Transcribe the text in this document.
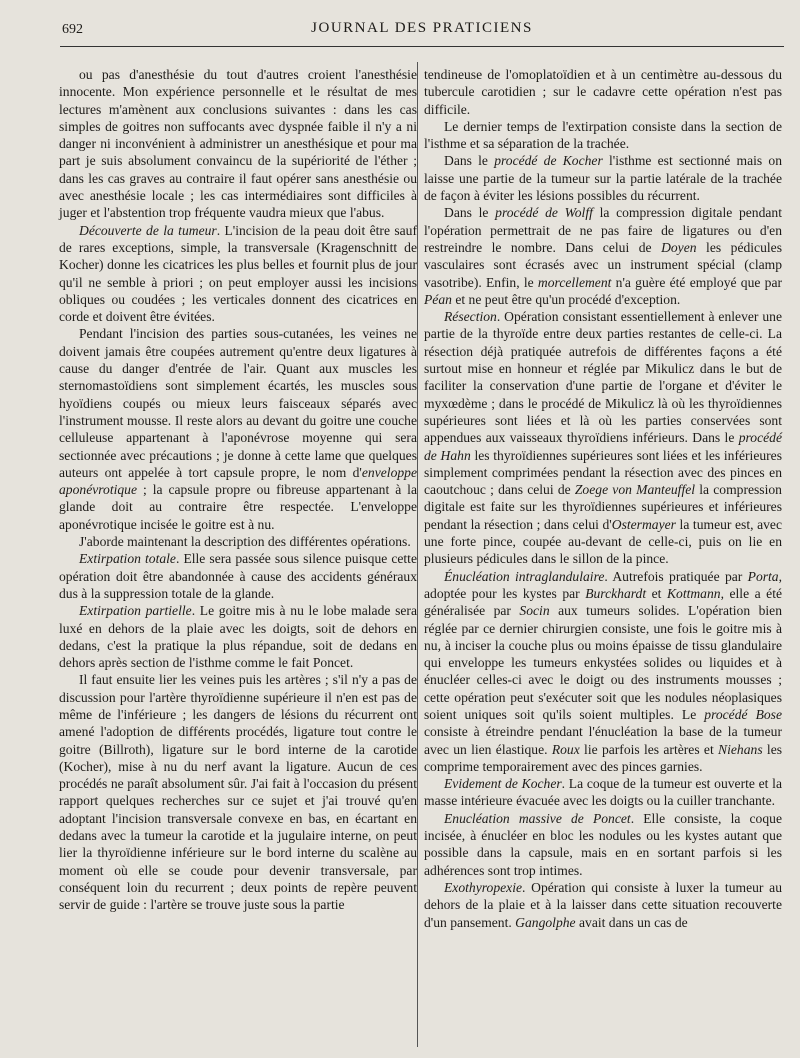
692	JOURNAL DES PRATICIENS

ou pas d'anesthésie du tout d'autres croient l'anesthésie innocente. Mon expérience personnelle et le résultat de mes lectures m'amènent aux conclusions suivantes : dans les cas simples de goitres non suffocants avec dyspnée faible il n'y a ni danger ni inconvénient à administrer un anesthésique et pour ma part je suis absolument convaincu de la supériorité de l'éther ; dans les cas graves au contraire il faut opérer sans anesthésie ou avec anesthésie locale ; les cas intermédiaires sont difficiles à juger et l'abstention trop fréquente vaudra mieux que l'abus.

Découverte de la tumeur. L'incision de la peau doit être sauf de rares exceptions, simple, la transversale (Kragenschnitt de Kocher) donne les cicatrices les plus belles et fournit plus de jour qu'il ne semble à priori ; on peut employer aussi les incisions obliques ou coudées ; les verticales donnent des cicatrices en corde et doivent être évitées.

Pendant l'incision des parties sous-cutanées, les veines ne doivent jamais être coupées autrement qu'entre deux ligatures à cause du danger d'entrée de l'air. Quant aux muscles les sternomastoïdiens sont simplement écartés, les muscles sous hyoïdiens coupés ou mieux leurs faisceaux séparés avec l'instrument mousse. Il reste alors au devant du goitre une couche celluleuse appartenant à l'aponévrose moyenne qui sera sectionnée avec précautions ; je donne à cette lame que quelques auteurs ont appelée à tort capsule propre, le nom d'enveloppe aponévrotique ; la capsule propre ou fibreuse appartenant à la glande doit au contraire être respectée. L'enveloppe aponévrotique incisée le goitre est à nu.

J'aborde maintenant la description des différentes opérations.

Extirpation totale. Elle sera passée sous silence puisque cette opération doit être abandonnée à cause des accidents généraux dus à la suppression totale de la glande.

Extirpation partielle. Le goitre mis à nu le lobe malade sera luxé en dehors de la plaie avec les doigts, soit de dehors en dedans, c'est la pratique la plus répandue, soit de dedans en dehors après section de l'isthme comme le fait Poncet.

Il faut ensuite lier les veines puis les artères ; s'il n'y a pas de discussion pour l'artère thyroïdienne supérieure il n'en est pas de même de l'inférieure ; les dangers de lésions du récurrent ont amené l'adoption de différents procédés, ligature tout contre le goitre (Billroth), ligature sur le bord interne de la carotide (Kocher), mise à nu du nerf avant la ligature. Aucun de ces procédés ne paraît absolument sûr. J'ai fait à l'occasion du présent rapport quelques recherches sur ce sujet et j'ai trouvé qu'en adoptant l'incision transversale convexe en bas, en écartant en dedans avec la tumeur la carotide et la jugulaire interne, on peut lier la thyroïdienne inférieure sur le bord interne du scalène au moment où elle se coude pour devenir transversale, par conséquent loin du recurrent ; deux points de repère peuvent servir de guide : l'artère se trouve juste sous la partie

tendineuse de l'omoplatoïdien et à un centimètre au-dessous du tubercule carotidien ; sur le cadavre cette opération n'est pas difficile.

Le dernier temps de l'extirpation consiste dans la section de l'isthme et sa séparation de la trachée.

Dans le procédé de Kocher l'isthme est sectionné mais on laisse une partie de la tumeur sur la partie latérale de la trachée de façon à éviter les lésions possibles du récurrent.

Dans le procédé de Wolff la compression digitale pendant l'opération permettrait de ne pas faire de ligatures ou d'en restreindre le nombre. Dans celui de Doyen les pédicules vasculaires sont écrasés avec un instrument spécial (clamp vasotribe). Enfin, le morcellement n'a guère été employé que par Péan et ne peut être qu'un procédé d'exception.

Résection. Opération consistant essentiellement à enlever une partie de la thyroïde entre deux parties restantes de celle-ci. La résection déjà pratiquée autrefois de différentes façons a été surtout mise en honneur et réglée par Mikulicz dans le but de faciliter la conservation d'une partie de l'organe et d'éviter le myxœdème ; dans le procédé de Mikulicz là où les thyroïdiennes supérieures sont liées et là où les parties conservées sont appendues aux vaisseaux thyroïdiens inférieurs. Dans le procédé de Hahn les thyroïdiennes supérieures sont liées et les inférieures simplement comprimées pendant la résection avec des pinces en caoutchouc ; dans celui de Zoege von Manteuffel la compression digitale est faite sur les thyroïdiennes supérieures et inférieures pendant la résection ; dans celui d'Ostermayer la tumeur est, avec une forte pince, coupée au-devant de celle-ci, puis on lie en plusieurs pédicules dans le sillon de la pince.

Énucléation intraglandulaire. Autrefois pratiquée par Porta, adoptée pour les kystes par Burckhardt et Kottmann, elle a été généralisée par Socin aux tumeurs solides. L'opération bien réglée par ce dernier chirurgien consiste, une fois le goitre mis à nu, à inciser la couche plus ou moins épaisse de tissu glandulaire qui enveloppe les tumeurs enkystées solides ou liquides et à énucléer celles-ci avec le doigt ou des instruments mousses ; cette opération peut s'exécuter soit que les nodules néoplasiques soient uniques soit qu'ils soient multiples. Le procédé Bose consiste à étreindre pendant l'énucléation la base de la tumeur avec un lien élastique. Roux lie parfois les artères et Niehans les comprime temporairement avec des pinces garnies.

Evidement de Kocher. La coque de la tumeur est ouverte et la masse intérieure évacuée avec les doigts ou la cuiller tranchante.

Enucléation massive de Poncet. Elle consiste, la coque incisée, à énucléer en bloc les nodules ou les kystes autant que possible dans la capsule, mais en en sortant parfois si les adhérences sont trop intimes.

Exothyropexie. Opération qui consiste à luxer la tumeur au dehors de la plaie et à la laisser dans cette situation recouverte d'un pansement. Gangolphe avait dans un cas de
